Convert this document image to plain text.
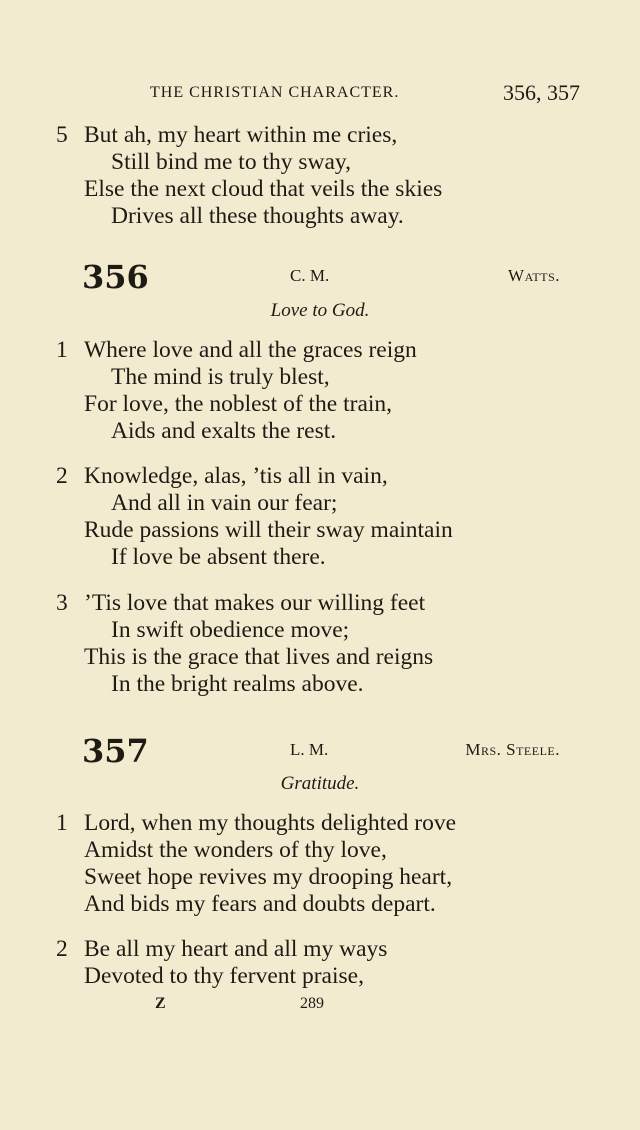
THE CHRISTIAN CHARACTER.	356, 357
5 But ah, my heart within me cries,
Still bind me to thy sway,
Else the next cloud that veils the skies
Drives all these thoughts away.
356	C. M.	Watts.
Love to God.
1 Where love and all the graces reign
The mind is truly blest,
For love, the noblest of the train,
Aids and exalts the rest.
2 Knowledge, alas, ’tis all in vain,
And all in vain our fear;
Rude passions will their sway maintain
If love be absent there.
3 ’Tis love that makes our willing feet
In swift obedience move;
This is the grace that lives and reigns
In the bright realms above.
357	L. M.	Mrs. Steele.
Gratitude.
1 Lord, when my thoughts delighted rove
Amidst the wonders of thy love,
Sweet hope revives my drooping heart,
And bids my fears and doubts depart.
2 Be all my heart and all my ways
Devoted to thy fervent praise,
Z	289
